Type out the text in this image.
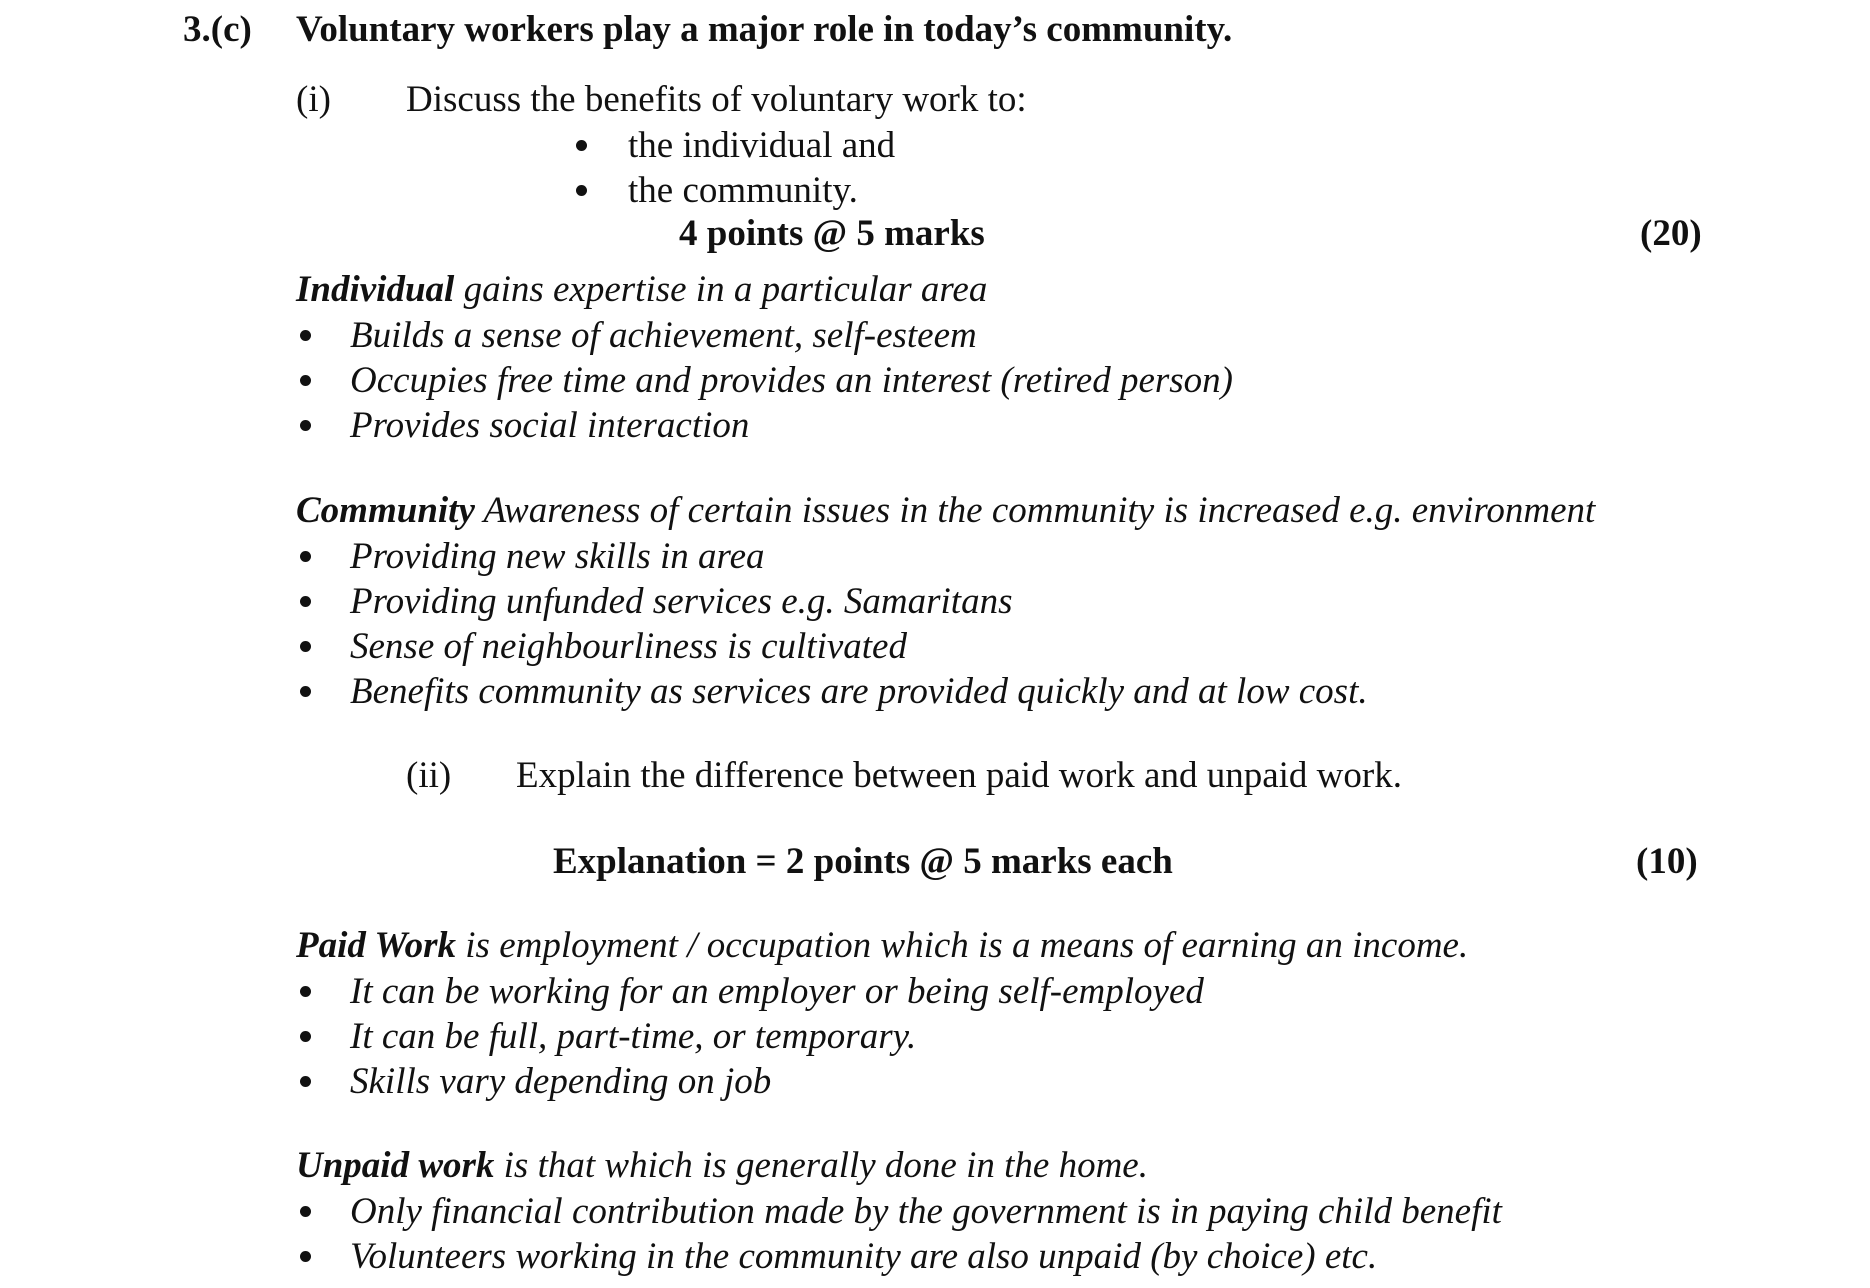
3.(c) Voluntary workers play a major role in today’s community.
(i) Discuss the benefits of voluntary work to:
the individual and
the community.
4 points @ 5 marks	(20)
Individual gains expertise in a particular area
Builds a sense of achievement, self-esteem
Occupies free time and provides an interest (retired person)
Provides social interaction
Community Awareness of certain issues in the community is increased e.g. environment
Providing new skills in area
Providing unfunded services e.g. Samaritans
Sense of neighbourliness is cultivated
Benefits community as services are provided quickly and at low cost.
(ii) Explain the difference between paid work and unpaid work.
Explanation = 2 points @ 5 marks each	(10)
Paid Work is employment / occupation which is a means of earning an income.
It can be working for an employer or being self-employed
It can be full, part-time, or temporary.
Skills vary depending on job
Unpaid work is that which is generally done in the home.
Only financial contribution made by the government is in paying child benefit
Volunteers working in the community are also unpaid (by choice) etc.
